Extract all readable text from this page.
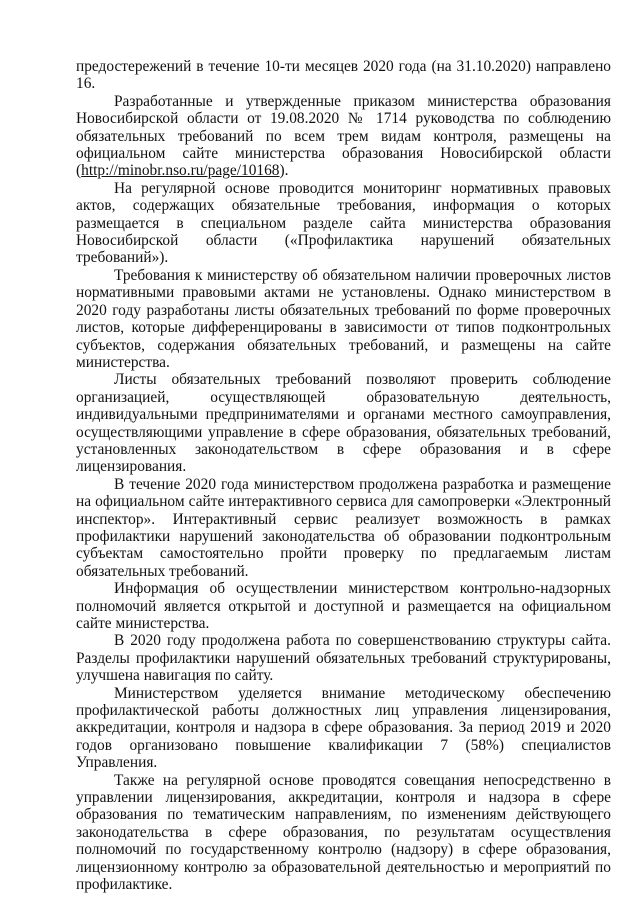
предостережений в течение 10-ти месяцев 2020 года (на 31.10.2020) направлено 16.

Разработанные и утвержденные приказом министерства образования Новосибирской области от 19.08.2020 № 1714 руководства по соблюдению обязательных требований по всем трем видам контроля, размещены на официальном сайте министерства образования Новосибирской области (http://minobr.nso.ru/page/10168).

На регулярной основе проводится мониторинг нормативных правовых актов, содержащих обязательные требования, информация о которых размещается в специальном разделе сайта министерства образования Новосибирской области («Профилактика нарушений обязательных требований»).

Требования к министерству об обязательном наличии проверочных листов нормативными правовыми актами не установлены. Однако министерством в 2020 году разработаны листы обязательных требований по форме проверочных листов, которые дифференцированы в зависимости от типов подконтрольных субъектов, содержания обязательных требований, и размещены на сайте министерства.

Листы обязательных требований позволяют проверить соблюдение организацией, осуществляющей образовательную деятельность, индивидуальными предпринимателями и органами местного самоуправления, осуществляющими управление в сфере образования, обязательных требований, установленных законодательством в сфере образования и в сфере лицензирования.

В течение 2020 года министерством продолжена разработка и размещение на официальном сайте интерактивного сервиса для самопроверки «Электронный инспектор». Интерактивный сервис реализует возможность в рамках профилактики нарушений законодательства об образовании подконтрольным субъектам самостоятельно пройти проверку по предлагаемым листам обязательных требований.

Информация об осуществлении министерством контрольно-надзорных полномочий является открытой и доступной и размещается на официальном сайте министерства.

В 2020 году продолжена работа по совершенствованию структуры сайта. Разделы профилактики нарушений обязательных требований структурированы, улучшена навигация по сайту.

Министерством уделяется внимание методическому обеспечению профилактической работы должностных лиц управления лицензирования, аккредитации, контроля и надзора в сфере образования. За период 2019 и 2020 годов организовано повышение квалификации 7 (58%) специалистов Управления.

Также на регулярной основе проводятся совещания непосредственно в управлении лицензирования, аккредитации, контроля и надзора в сфере образования по тематическим направлениям, по изменениям действующего законодательства в сфере образования, по результатам осуществления полномочий по государственному контролю (надзору) в сфере образования, лицензионному контролю за образовательной деятельностью и мероприятий по профилактике.
